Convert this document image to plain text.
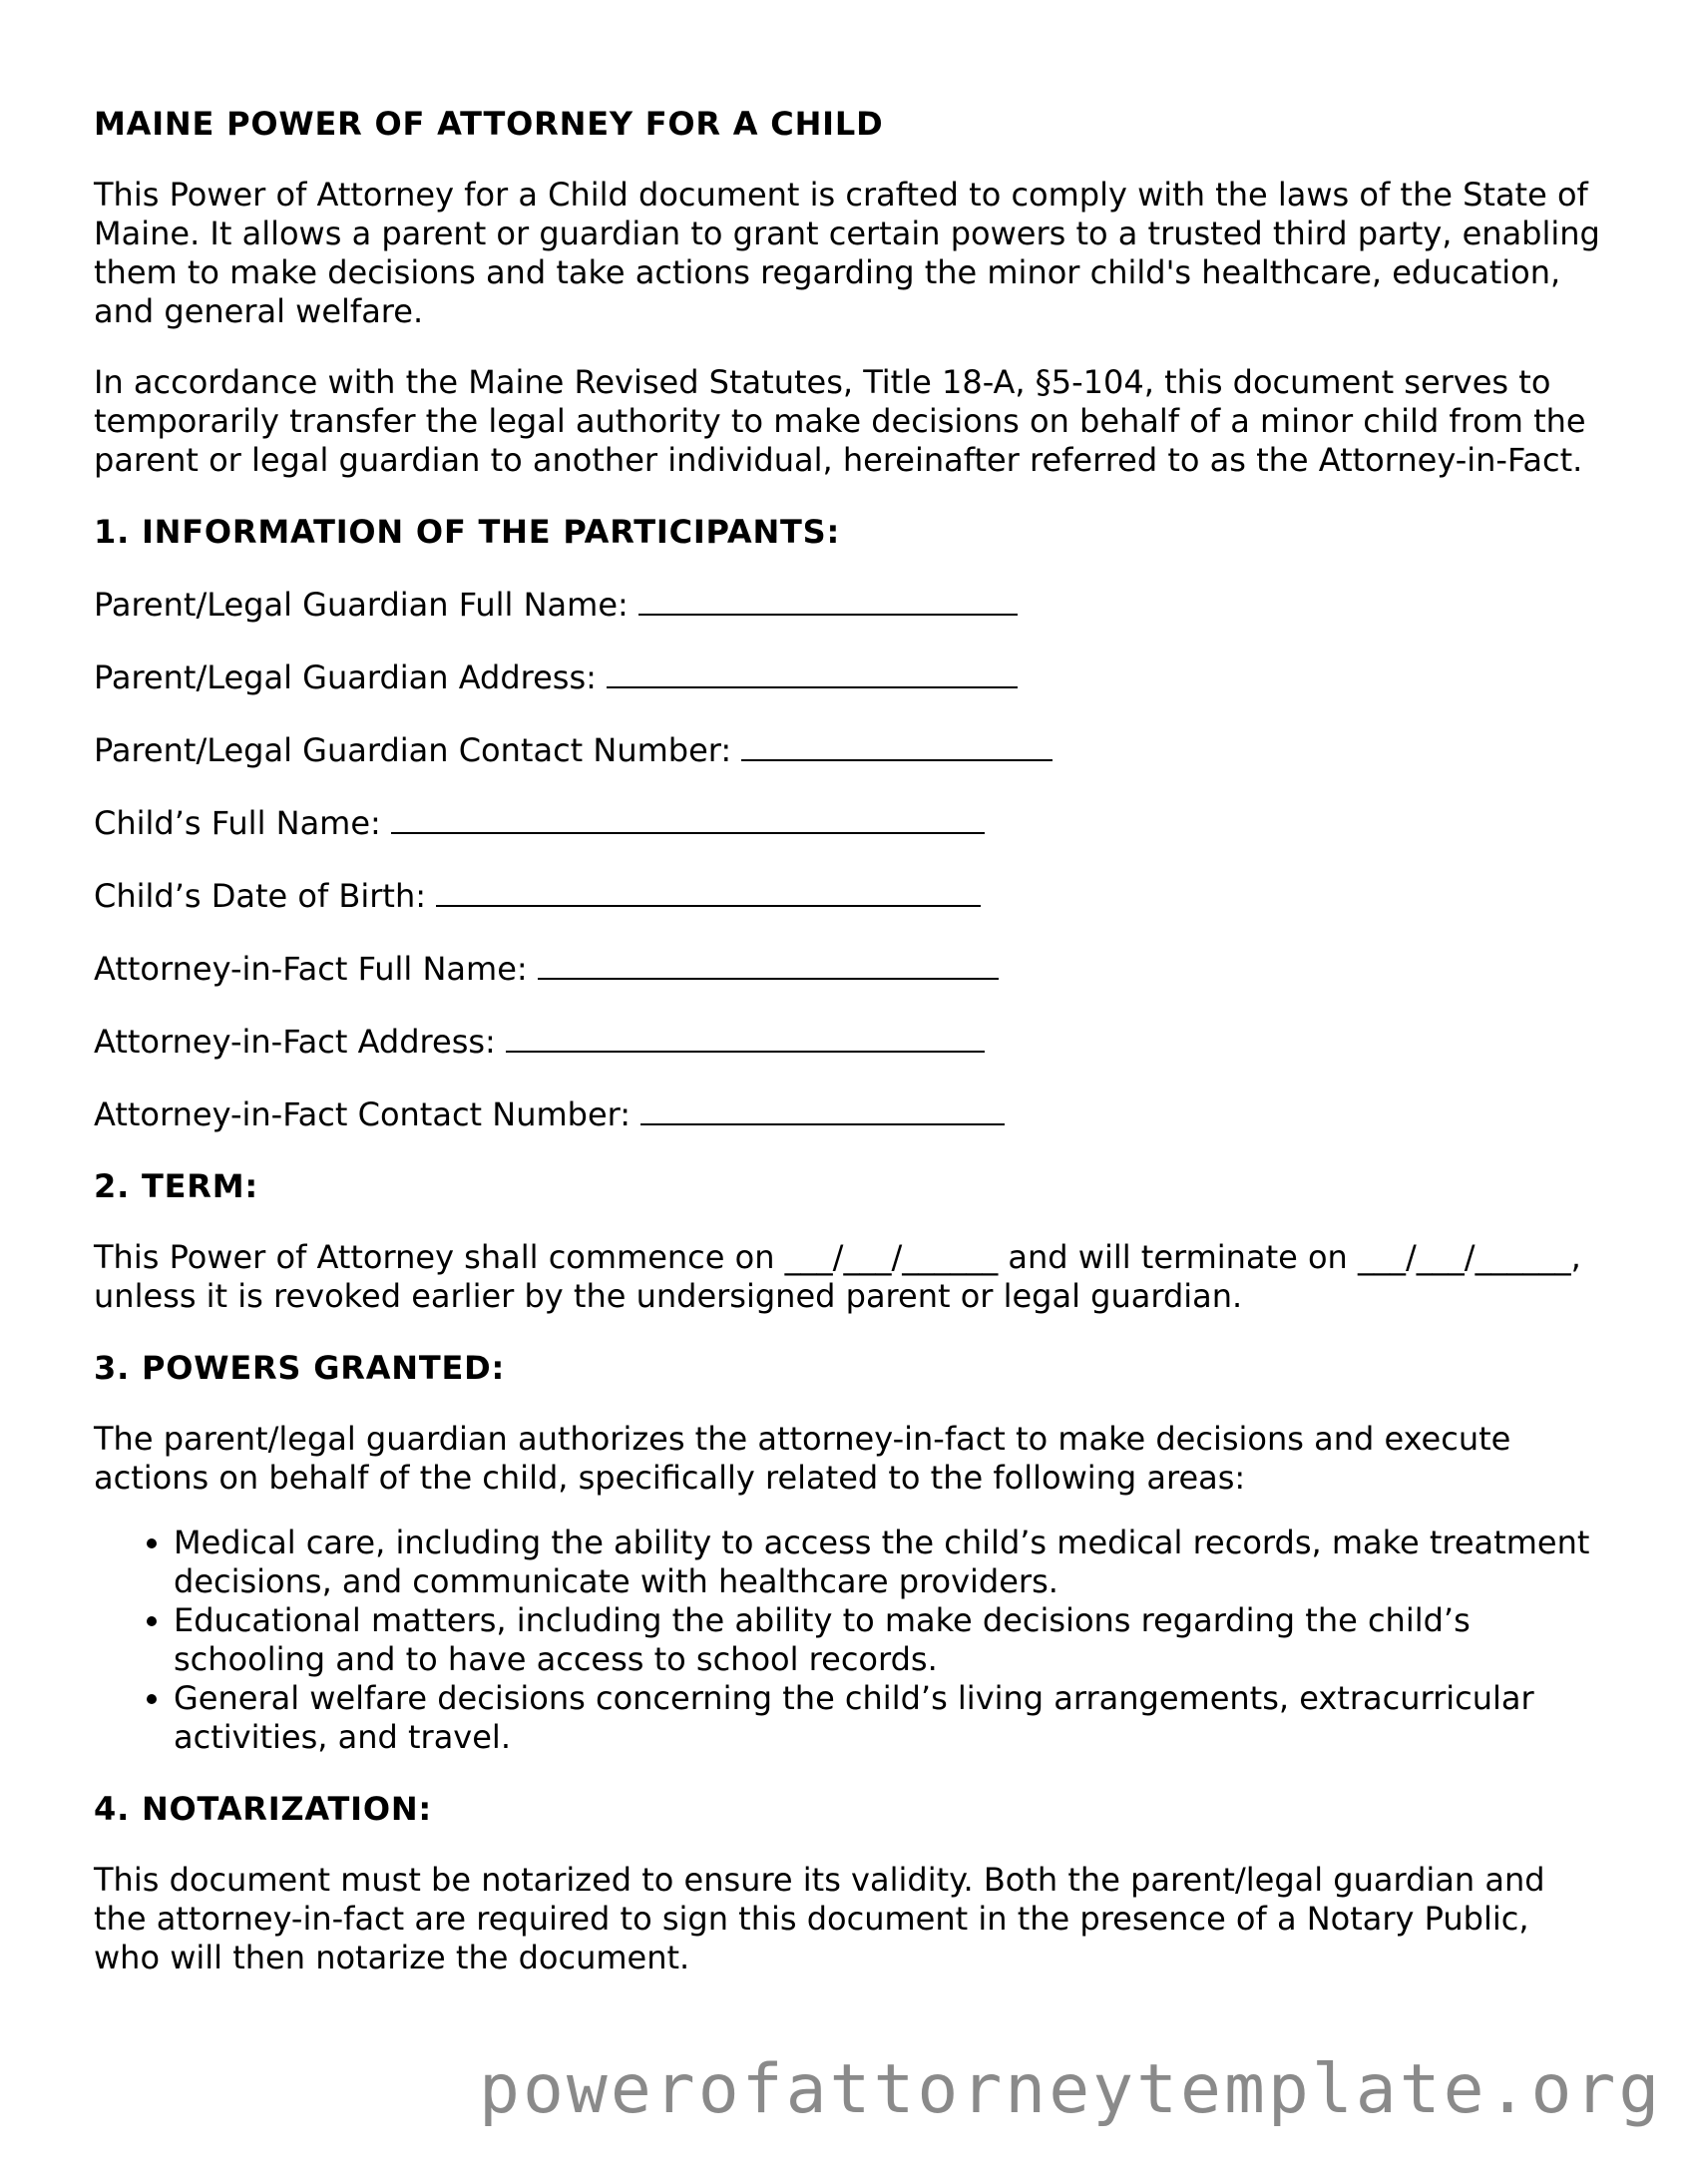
MAINE POWER OF ATTORNEY FOR A CHILD

This Power of Attorney for a Child document is crafted to comply with the laws of the State of Maine. It allows a parent or guardian to grant certain powers to a trusted third party, enabling them to make decisions and take actions regarding the minor child's healthcare, education, and general welfare.

In accordance with the Maine Revised Statutes, Title 18-A, §5-104, this document serves to temporarily transfer the legal authority to make decisions on behalf of a minor child from the parent or legal guardian to another individual, hereinafter referred to as the Attorney-in-Fact.

1. INFORMATION OF THE PARTICIPANTS:
Parent/Legal Guardian Full Name:
Parent/Legal Guardian Address:
Parent/Legal Guardian Contact Number:
Child’s Full Name:
Child’s Date of Birth:
Attorney-in-Fact Full Name:
Attorney-in-Fact Address:
Attorney-in-Fact Contact Number:
2. TERM:

This Power of Attorney shall commence on ___/___/______ and will terminate on ___/___/______, unless it is revoked earlier by the undersigned parent or legal guardian.

3. POWERS GRANTED:

The parent/legal guardian authorizes the attorney-in-fact to make decisions and execute actions on behalf of the child, specifically related to the following areas:

• Medical care, including the ability to access the child’s medical records, make treatment decisions, and communicate with healthcare providers.
• Educational matters, including the ability to make decisions regarding the child’s schooling and to have access to school records.
• General welfare decisions concerning the child’s living arrangements, extracurricular activities, and travel.
4. NOTARIZATION:

This document must be notarized to ensure its validity. Both the parent/legal guardian and the attorney-in-fact are required to sign this document in the presence of a Notary Public, who will then notarize the document.

powerofattorneytemplate.org
